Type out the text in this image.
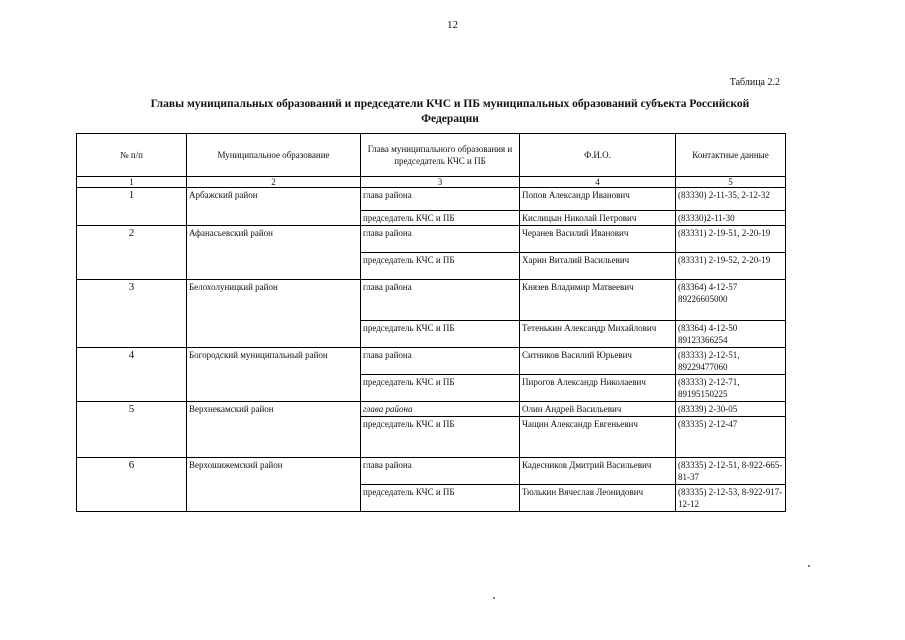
12
Таблица 2.2
Главы муниципальных образований и председатели КЧС и ПБ муниципальных образований субъекта Российской
Федерации
№ п/п	Муниципальное образование	Глава муниципального образования и председатель КЧС и ПБ	Ф.И.О.	Контактные данные
1	2	3	4	5
1	Арбажский район	глава района	Попов Александр Иванович	(83330) 2-11-35, 2-12-32
		председатель КЧС и ПБ	Кислицын Николай Петрович	(83330)2-11-30
2	Афанасьевский район	глава района	Черанев Василий Иванович	(83331) 2-19-51, 2-20-19
		председатель КЧС и ПБ	Харин Виталий Васильевич	(83331) 2-19-52, 2-20-19
3	Белохолуницкий район	глава района	Князев Владимир Матвеевич	(83364) 4-12-57 89226605000
		председатель КЧС и ПБ	Тетенькин Александр Михайлович	(83364) 4-12-50 89123366254
4	Богородский муниципальный район	глава района	Ситников Василий Юрьевич	(83333) 2-12-51, 89229477060
		председатель КЧС и ПБ	Пирогов Александр Николаевич	(83333) 2-12-71, 89195150225
5	Верхнекамский район	глава района	Олин Андрей Васильевич	(83339) 2-30-05
		председатель КЧС и ПБ	Чащин Александр Евгеньевич	(83335) 2-12-47
6	Верхошижемский район	глава района	Кадесников Дмитрий Васильевич	(83335) 2-12-51, 8-922-665-81-37
		председатель КЧС и ПБ	Тюлькин Вячеслав Леонидович	(83335) 2-12-53, 8-922-917-12-12
